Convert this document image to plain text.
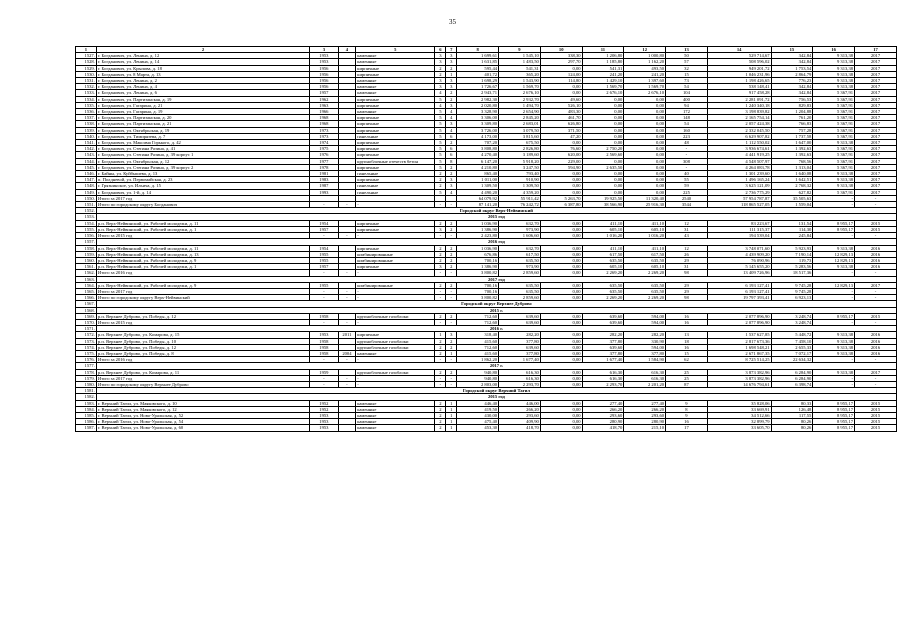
35
1	2	3	4	5	6	7	8	9	10	11	12	13	14	15	16	17
1527.	г. Богданович, ул. Ленина, д. 12	1953		каменные	3	3	1 699,61	1 545,10	338,30	1 206,80	1 000,80	50	529 714,67	342,84	9 313,38	2017
1528.	г. Богданович, ул. Ленина, д. 14	1953		каменные	3	3	1 631,85	1 483,50	297,70	1 185,80	1 162,20	57	508 596,02	342,84	9 313,38	2017
1529.	г. Богданович, ул. Крылова, д. 18	1956		кирпичные	2	2	595,44	541,31	0,00	541,31	493,50	32	949 201,72	1 753,54	9 313,38	2017
1530.	г. Богданович, ул. 8 Марта, д. 13	1956		кирпичные	2	1	401,72	365,20	124,00	241,20	241,20	15	1 046 231,96	2 864,79	9 313,38	2017
1531.	г. Богданович, ул. Ленина, д. 2	1956		каменные	3	3	1 698,29	1 543,90	114,80	1 429,10	1 397,60	73	1 198 426,65	776,23	9 313,38	2017
1532.	г. Богданович, ул. Ленина, д. 4	1956		каменные	3	3	1 726,67	1 569,70	0,00	1 569,70	1 569,70	54	538 148,41	342,84	9 313,38	2017
1533.	г. Богданович, ул. Ленина, д. 6	1957		каменные	4	2	2 943,71	2 676,10	0,00	2 676,10	2 676,10	104	917 458,28	342,84	5 367,91	2017
1534.	г. Богданович, ул. Партизанская, д. 19	1962		кирпичные	5	2	2 982,30	2 932,70	49,60	0,00	0,00	400	2 281 091,72	756,53	5 367,91	2017
1535.	г. Богданович, ул. Гагарина, д. 21	1963		кирпичные	4	3	2 020,80	1 494,70	526,10	0,00	0,00	94	1 240 340,18	829,83	5 367,91	2017
1536.	г. Богданович, ул. Гагарина, д. 19	1966		каменные	5	4	3 328,90	2 654,90	483,30	0,00	0,00	172	3 198 839,82	1 204,88	5 367,91	2017
1537.	г. Богданович, ул. Партизанская, д. 20	1968		кирпичные	5	4	3 306,00	2 845,20	461,70	0,00	0,00	148	2 165 754,14	761,20	5 367,91	2017
1538.	г. Богданович, ул. Партизанская, д. 21	1968		кирпичные	5	3	3 309,80	2 683,01	626,80	0,00	0,00	54	2 057 424,38	766,83	5 367,91	2017
1539.	г. Богданович, ул. Октябрьская, д. 19	1973		кирпичные	5	4	3 726,00	3 079,50	371,50	0,00	0,00	160	2 332 045,50	757,28	5 367,91	2017
1540.	г. Богданович, ул. Тимирязева, д. 7	1973		панельные	5	6	4 173,00	3 815,60	47,20	0,00	0,00	223	6 629 907,82	1 737,58	5 367,91	2017
1541.	г. Богданович, ул. Максима Горького, д. 42	1974		кирпичные	5	2	707,20	675,50	0,00	0,00	0,00	48	1 112 550,02	1 647,00	9 313,38	2017
1542.	г. Богданович, ул. Степана Разина, д. 41	1975		кирпичные	5	6	3 808,80	2 826,80	76,60	2 750,20	0,00	-	3 936 674,61	1 392,63	5 367,91	2017
1543.	г. Богданович, ул. Степана Разина, д. 39 корпус 1	1976		кирпичные	5	6	4 270,40	3 189,60	620,00	2 569,60	0,00	-	4 441 919,25	1 392,63	5 367,91	2017
1544.	г. Богданович, ул. Октябрьская, д. 12	1977		крупноблочные отечеств бетон	5	8	6 147,20	5 918,20	229,00	0,00	0,00	308	4 548 507,97	768,56	5 367,91	2017
1545.	г. Богданович, ул. Степана Разина, д. 39 корпус 2	1978		кирпичные	5	2	4 210,80	3 247,50	594,90	2 635,50	0,00	-	4 264 083,78	1 313,04	5 367,91	2017
1546.	г. Байны, ул. Куйбышева, д. 13	1981		панельные	2	2	865,40	793,40	0,00	0,00	0,00	40	1 301 239,60	1 640,08	9 313,38	2017
1547.	п. Полдневой, ул. Первомайская, д. 23	1983		кирпичные	2	3	1 011,00	910,90	0,00	0,00	0,00	55	1 496 165,24	1 642,51	9 313,38	2017
1548.	г. Грязнинское, ул. Ильича, д. 15	1987		панельные	2	3	1 309,50	1 309,50	0,00	0,00	0,00	59	3 625 121,09	2 768,32	9 313,38	2017
1549.	г. Богданович, ул. 1-й, д. 14	1993		панельные	5	4	4 490,20	4 359,20	0,00	0,00	0,00	225	2 736 775,29	627,82	5 367,91	2017
1550.	Итого за 2017 год						64 079,92	55 911,42	5 263,70	19 925,50	11 320,40	2540	57 954 787,87	35 505,63	-	-
1551.	Итого по городскому округу Богданович	-	-	-	-	-	87 141,20	76 242,72	6 387,80	38 566,90	25 916,30	3544	118 865 527,05	1 559,04	-	-
1552.	Городской округ Верх-Нейвинский															
1553.	2015 год															
1554.	р.п. Верх-Нейвинский, ул. Рабочей молодежи, д. 11	1954		кирпичные	2	2	1 036,90	632,70	0,00	411,10	411,10	12	83 223,67	131,54	8 955,17	2015
1555.	р.п. Верх-Нейвинский, ул. Рабочей молодежи, д. 1	1957		кирпичные	3	2	1 386,90	973,90	0,00	605,10	605,10	31	111 315,37	114,30	8 955,17	2015
1556.	Итого за 2015 год	-	-	-	-	-	2 423,80	1 606,60	0,00	1 016,20	1 016,20	43	194 539,04	245,84	-	-
1557.	2016 год															
1558.	р.п. Верх-Нейвинский, ул. Рабочей молодежи, д. 11	1954		кирпичные	2	2	1 036,90	632,70	0,00	411,10	411,10	12	3 748 071,60	5 923,93	9 313,38	2016
1559.	р.п. Верх-Нейвинский, ул. Рабочей молодежи, д. 13	1955		комбинированные	2	2	676,86	617,50	0,00	617,50	617,50	26	4 439 909,20	7 190,14	12 829,13	2016
1560.	р.п. Верх-Нейвинский, ул. Рабочей молодежи, д. 9	1955		комбинированные	2	2	700,16	635,50	0,00	635,50	635,50	29	76 090,96	119,73	12 829,13	2016
1561.	р.п. Верх-Нейвинский, ул. Рабочей молодежи, д. 1	1957		кирпичные	3	2	1 386,90	973,90	0,00	605,10	605,10	31	5 145 655,20	5 283,56	9 313,38	2016
1562.	Итого за 2016 год	-	-	-	-	-	3 800,82	2 859,60	0,00	2 269,20	2 269,20	98	13 409 726,96	18 517,36	-	-
1563.	2017 год															
1564.	р.п. Верх-Нейвинский, ул. Рабочей молодежи, д. 9	1955		комбинированные	2	2	700,16	635,50	0,00	635,50	635,50	29	6 193 127,41	9 745,28	12 829,13	2017
1565.	Итого за 2017 год	-	-	-	-	-	700,16	635,50	0,00	635,50	635,50	29	6 193 127,41	9 745,28	-	-
1566.	Итого по городскому округу Верх-Нейвинский	-	-	-	-	-	3 800,82	2 859,60	0,00	2 269,20	2 269,20	98	19 797 393,41	6 923,13	-	-
1567.	Городской округ Верхнее Дуброво															
1568.	2015 г.															
1569.	р.п. Верхнее Дуброво, ул. Победы, д. 12	1958		крупноблочные газоблоки	2	2	712,60	639,60	0,00	639,60	594,00	16	2 077 896,90	3 248,74	8 955,17	2015
1570.	Итого за 2015 год	-	-	-	-	-	712,60	639,60	0,00	639,60	594,00	16	2 077 896,90	3 248,74	-	-
1571.	2016 г.															
1572.	р.п. Верхнее Дуброво, ул. Комарова, д. 15	1953	2011	кирпичные	1	3	318,40	282,20	0,00	282,20	282,20	13	1 537 627,85	5 448,72	9 313,38	2016
1573.	р.п. Верхнее Дуброво, ул. Победы, д. 10	1958		крупноблочные газоблоки	2	2	415,60	377,80	0,00	377,80	330,90	18	2 817 673,36	7 458,10	9 313,38	2016
1574.	р.п. Верхнее Дуброво, ул. Победы, д. 12	1958		крупноблочные газоблоки	2	2	712,60	639,60	0,00	639,60	594,00	16	1 698 548,21	2 655,33	9 313,38	2016
1575.	р.п. Верхнее Дуброво, ул. Победы, д. 8	1958	2004	каменные	2	1	415,60	377,80	0,00	377,80	377,80	15	2 671 867,35	7 072,17	9 313,38	2016
1576.	Итого за 2016 год	-	-	-	-	-	1 862,20	1 677,40	0,00	1 677,40	1 584,90	62	8 725 514,25	22 634,32	-	-
1577.	2017 г.															
1578.	р.п. Верхнее Дуброво, ул. Комарова, д. 11	1959		крупноблочные газоблоки	2	2	940,80	616,30	0,00	616,30	616,30	25	3 873 382,96	6 284,90	9 313,38	2017
1579.	Итого за 2017 год	-	-	-	-	-	940,80	616,30	0,00	616,30	616,30	25	3 873 382,96	6 284,90	-	-
1580.	Итого по городскому округу Верхнее Дуброво	-	-	-	-	-	2 803,00	2 293,70	0,00	2 293,70	2 201,20	87	14 676 794,61	6 398,74	-	-
1581.	Городской округ Верхний Тагил															
1582.	2015 год															
1583.	г. Верхний Тагил, ул. Маяковского, д. 10	1952		каменные	2	1	446,40	446,00	0,00	277,40	277,40	9	35 828,06	80,33	8 955,17	2015
1584.	г. Верхний Тагил, ул. Маяковского, д. 12	1952		каменные	2	1	419,50	266,20	0,00	266,20	266,20	8	33 669,91	126,48	8 955,17	2015
1585.	г. Верхний Тагил, ул. Ново-Уральская, д. 52	1953		каменные	2	1	430,00	293,60	0,00	293,60	293,60	9	34 512,66	117,55	8 955,17	2015
1586.	г. Верхний Тагил, ул. Ново-Уральская, д. 54	1953		каменные	2	1	475,40	409,90	0,00	280,90	280,90	16	32 899,79	80,26	8 955,17	2015
1587.	г. Верхний Тагил, ул. Ново-Уральская, д. 60	1953		каменные	2	1	453,30	418,70	0,00	418,70	215,10	17	33 605,70	80,26	8 955,17	2015
